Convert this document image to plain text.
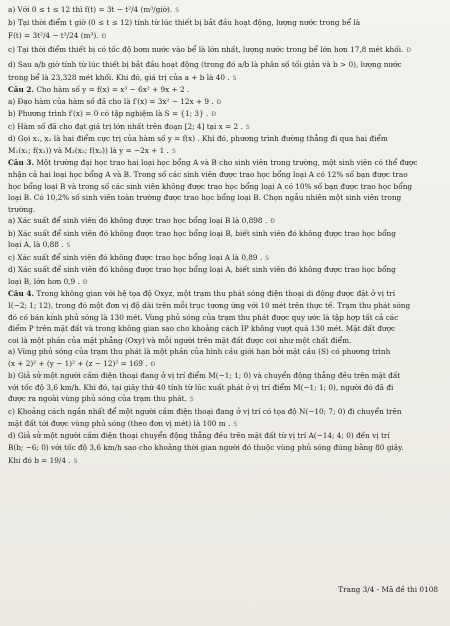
a) Với 0 ≤ t ≤ 12 thì f(t) = 3t − t²/4 (m³/giờ). S
b) Tại thời điểm t giờ (0 ≤ t ≤ 12) tính từ lúc thiết bị bắt đầu hoạt động, lượng nước trong bể là
F(t) = 3t²/4 − t³/24 (m³). Đ
c) Tại thời điểm thiết bị có tốc độ bơm nước vào bể là lớn nhất, lượng nước trong bể lớn hơn 17,8 mét khối. Đ
d) Sau a/b giờ tính từ lúc thiết bị bắt đầu hoạt động (trong đó a/b là phân số tối giản và b > 0), lượng nước
trong bể là 23,328 mét khối. Khi đó, giá trị của a + b là 40 . S
Câu 2. Cho hàm số y = f(x) = x³ − 6x² + 9x + 2 .
a) Đạo hàm của hàm số đã cho là f′(x) = 3x² − 12x + 9 . Đ
b) Phương trình f′(x) = 0 có tập nghiệm là S = {1; 3} . Đ
c) Hàm số đã cho đạt giá trị lớn nhất trên đoạn [2; 4] tại x = 2 . S
d) Gọi x₁, x₂ là hai điểm cực trị của hàm số y = f(x) . Khi đó, phương trình đường thẳng đi qua hai điểm
M₁(x₁; f(x₁)) và M₂(x₂; f(x₂)) là y = −2x + 1 . S
Câu 3. Một trường đại học trao hai loại học bổng A và B cho sinh viên trong trường, một sinh viên có thể được
nhận cả hai loại học bổng A và B. Trong số các sinh viên được trao học bổng loại A có 12% số bạn được trao
học bổng loại B và trong số các sinh viên không được trao học bổng loại A có 10% số bạn được trao học bổng
loại B. Có 10,2% số sinh viên toàn trường được trao học bổng loại B. Chọn ngẫu nhiên một sinh viên trong
trường.
a) Xác suất để sinh viên đó không được trao học bổng loại B là 0,898 . Đ
b) Xác suất để sinh viên đó không được trao học bổng loại B, biết sinh viên đó không được trao học bổng
loại A, là 0,88 . S
c) Xác suất để sinh viên đó không được trao học bổng loại A là 0,89 . S
d) Xác suất để sinh viên đó không được trao học bổng loại A, biết sinh viên đó không được trao học bổng
loại B, lớn hơn 0,9 . Đ
Câu 4. Trong không gian với hệ tọa độ Oxyz, một trạm thu phát sóng điện thoại di động được đặt ở vị trí
I(−2; 1; 12), trong đó một đơn vị độ dài trên mỗi trục tương ứng với 10 mét trên thực tế. Trạm thu phát sóng
đó có bán kính phủ sóng là 130 mét. Vùng phủ sóng của trạm thu phát được quy ước là tập hợp tất cả các
điểm P trên mặt đất và trong không gian sao cho khoảng cách IP không vượt quá 130 mét. Mặt đất được
coi là một phần của mặt phẳng (Oxy) và mỗi người trên mặt đất được coi như một chất điểm.
a) Vùng phủ sóng của trạm thu phát là một phần của hình cầu giới hạn bởi mặt cầu (S) có phương trình
(x + 2)² + (y − 1)² + (z − 12)² = 169 . Đ
b) Giả sử một người cầm điện thoại đang ở vị trí điểm M(−1; 1; 0) và chuyển động thẳng đều trên mặt đất
với tốc độ 3,6 km/h. Khi đó, tại giây thứ 40 tính từ lúc xuất phát ở vị trí điểm M(−1; 1; 0), người đó đã đi
được ra ngoài vùng phủ sóng của trạm thu phát. S
c) Khoảng cách ngắn nhất để một người cầm điện thoại đang ở vị trí có tọa độ N(−10; 7; 0) đi chuyển trên
mặt đất tới được vùng phủ sóng (theo đơn vị mét) là 100 m . S
d) Giả sử một người cầm điện thoại chuyển động thẳng đều trên mặt đất từ vị trí A(−14; 4; 0) đến vị trí
B(b; −6; 0) với tốc độ 3,6 km/h sao cho khoảng thời gian người đó thuộc vùng phủ sóng đúng bằng 80 giây.
Khi đó b = 19/4 . S
Trang 3/4 - Mã đề thi 0108
